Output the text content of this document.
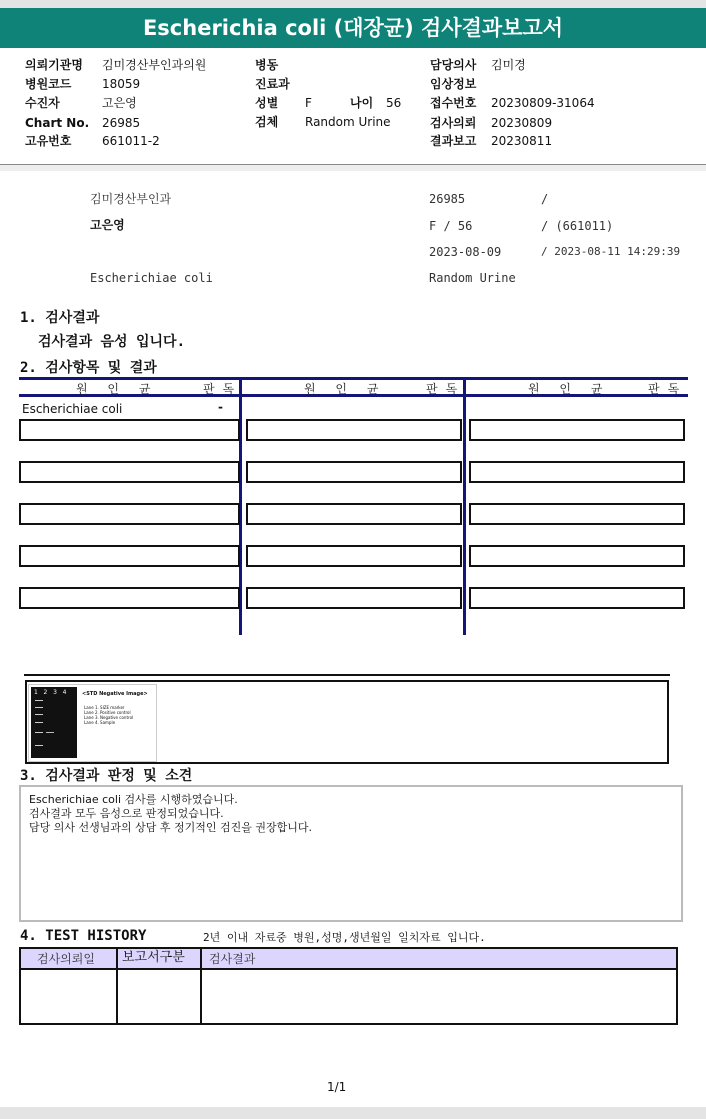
Escherichia coli (대장균) 검사결과보고서
의뢰기관명 김미경산부인과의원
병원코드	18059
수진자	고은영
Chart No. 26985
고유번호	661011-2
병동
진료과
성별 F	나이 56
검체 Random Urine
담당의사 김미경
임상정보
접수번호 20230809-31064
검사의뢰 20230809
결과보고 20230811
김미경산부인과	26985	/
고은영	F / 56	/ (661011)
2023-08-09	/ 2023-08-11 14:29:39
Escherichiae coli	Random Urine
1. 검사결과
검사결과 음성 입니다.
2. 검사항목 및 결과
원 인 균	판독	원 인 균	판독	원 인 균	판독
Escherichiae coli	-
1   2   3   4	<STD Negative Image>
Lane 1. SIZE marker
Lane 2. Positive control
Lane 3. Negative control
Lane 4. Sample
3. 검사결과 판정 및 소견
Escherichiae coli 검사를 시행하였습니다.
검사결과 모두 음성으로 판정되었습니다.
담당 의사 선생님과의 상담 후 정기적인 검진을 권장합니다.
4. TEST HISTORY	2년 이내 자료중 병원,성명,생년월일 일치자료 입니다.
검사의뢰일 보고서구분 검사결과
1/1
